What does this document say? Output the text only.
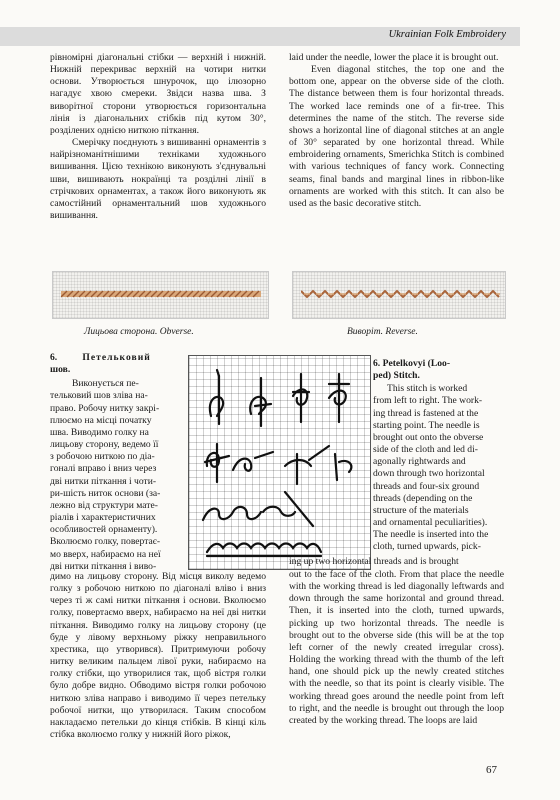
Ukrainian Folk Embroidery

рівномірні діагональні стібки — верхній і нижній. Нижній перекриває верхній на чотири нитки основи. Утворюється шнурочок, що ілюзорно нагадує хвою смереки. Звідси назва шва. З виворітної сторони утворюється горизонтальна лінія із діагональних стібків під кутом 30°, розділених однією ниткою піткання.

Смерічку поєднують з вишиванні орнаментів з найрізноманітнішими техніками художнього вишивання. Цією технікою виконують з'єднувальні шви, вишивають нокраїнці та розділні лінії в стрічкових орнаментах, а також його виконують як самостійний орнаментальний шов художнього вишивання.

laid under the needle, lower the place it is brought out.

Even diagonal stitches, the top one and the bottom one, appear on the obverse side of the cloth. The distance between them is four horizontal threads. The worked lace reminds one of a fir-tree. This determines the name of the stitch. The reverse side shows a horizontal line of diagonal stitches at an angle of 30° separated by one horizontal thread. While embroidering ornaments, Smerichka Stitch is combined with various techniques of fancy work. Connecting seams, final bands and marginal lines in ribbon-like ornaments are worked with this stitch. It can also be used as the basic decorative stitch.

Лицьова сторона. Obverse.	Виворіт. Reverse.
6.	Петельковий
шов.
Виконується пе-
тельковий шов зліва на-
право. Робочу нитку закрі-
плюємо на місці початку
шва. Виводимо голку на
лицьову сторону, ведемо її
з робочою ниткою по діа-
гоналі вправо і вниз через
дві нитки піткання і чоти-
ри-шість ниток основи (за-
лежно від структури мате-
ріалів і характеристичних
особливостей орнаменту).
Вколюємо голку, повертає-
мо вверх, набираємо на неї
дві нитки піткання і виво-
6. Petelkovyi (Loo-
ped) Stitch.
This stitch is worked
from left to right. The work-
ing thread is fastened at the
starting point. The needle is
brought out onto the obverse
side of the cloth and led di-
agonally rightwards and
down through two horizontal
threads and four-six ground
threads (depending on the
structure of the materials
and ornamental peculiarities).
The needle is inserted into the
cloth, turned upwards, pick-
ing up two horizontal threads and is brought

димо на лицьову сторону. Від місця виколу ведемо голку з робочою ниткою по діагоналі вліво і вниз через ті ж самі нитки піткання і основи. Вколюємо голку, повертаємо вверх, набираємо на неї дві нитки піткання. Виводимо голку на лицьову сторону (це буде у лівому верхньому ріжку неправильного хрестика, що утворився). Притримуючи робочу нитку великим пальцем лівої руки, набираємо на голку стібки, що утворилися так, щоб вістря голки було добре видно. Обводимо вістря голки робочою ниткою зліва направо і виводимо її через петельку робочої нитки, що утворилася. Таким способом накладаємо петельки до кінця стібків. В кінці кіль стібка вколюємо голку у нижній його ріжок,

out to the face of the cloth. From that place the needle with the working thread is led diagonally leftwards and down through the same horizontal and ground thread. Then, it is inserted into the cloth, turned upwards, picking up two horizontal threads. The needle is brought out to the obverse side (this will be at the top left corner of the newly created irregular cross). Holding the working thread with the thumb of the left hand, one should pick up the newly created stitches with the needle, so that its point is clearly visible. The working thread goes around the needle point from left to right, and the needle is brought out through the loop created by the working thread. The loops are laid

67
